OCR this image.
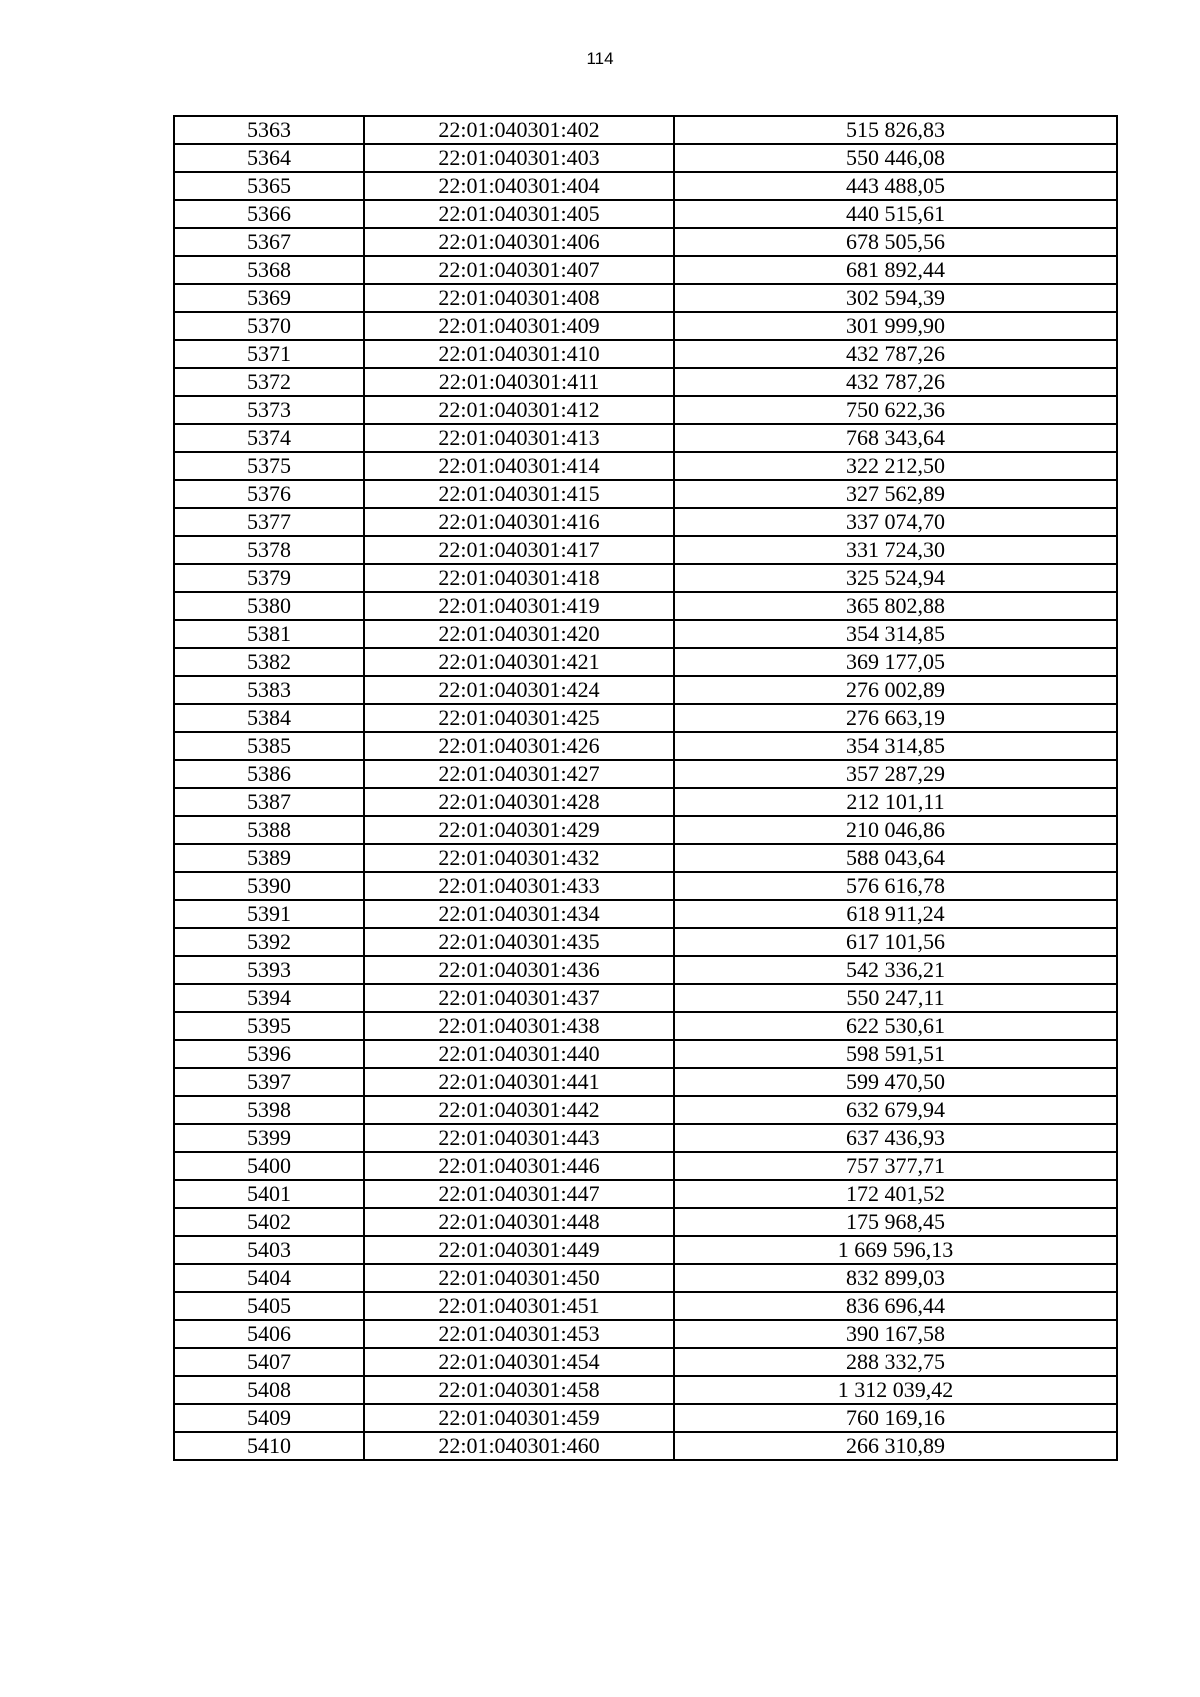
114
5363	22:01:040301:402	515 826,83
5364	22:01:040301:403	550 446,08
5365	22:01:040301:404	443 488,05
5366	22:01:040301:405	440 515,61
5367	22:01:040301:406	678 505,56
5368	22:01:040301:407	681 892,44
5369	22:01:040301:408	302 594,39
5370	22:01:040301:409	301 999,90
5371	22:01:040301:410	432 787,26
5372	22:01:040301:411	432 787,26
5373	22:01:040301:412	750 622,36
5374	22:01:040301:413	768 343,64
5375	22:01:040301:414	322 212,50
5376	22:01:040301:415	327 562,89
5377	22:01:040301:416	337 074,70
5378	22:01:040301:417	331 724,30
5379	22:01:040301:418	325 524,94
5380	22:01:040301:419	365 802,88
5381	22:01:040301:420	354 314,85
5382	22:01:040301:421	369 177,05
5383	22:01:040301:424	276 002,89
5384	22:01:040301:425	276 663,19
5385	22:01:040301:426	354 314,85
5386	22:01:040301:427	357 287,29
5387	22:01:040301:428	212 101,11
5388	22:01:040301:429	210 046,86
5389	22:01:040301:432	588 043,64
5390	22:01:040301:433	576 616,78
5391	22:01:040301:434	618 911,24
5392	22:01:040301:435	617 101,56
5393	22:01:040301:436	542 336,21
5394	22:01:040301:437	550 247,11
5395	22:01:040301:438	622 530,61
5396	22:01:040301:440	598 591,51
5397	22:01:040301:441	599 470,50
5398	22:01:040301:442	632 679,94
5399	22:01:040301:443	637 436,93
5400	22:01:040301:446	757 377,71
5401	22:01:040301:447	172 401,52
5402	22:01:040301:448	175 968,45
5403	22:01:040301:449	1 669 596,13
5404	22:01:040301:450	832 899,03
5405	22:01:040301:451	836 696,44
5406	22:01:040301:453	390 167,58
5407	22:01:040301:454	288 332,75
5408	22:01:040301:458	1 312 039,42
5409	22:01:040301:459	760 169,16
5410	22:01:040301:460	266 310,89
